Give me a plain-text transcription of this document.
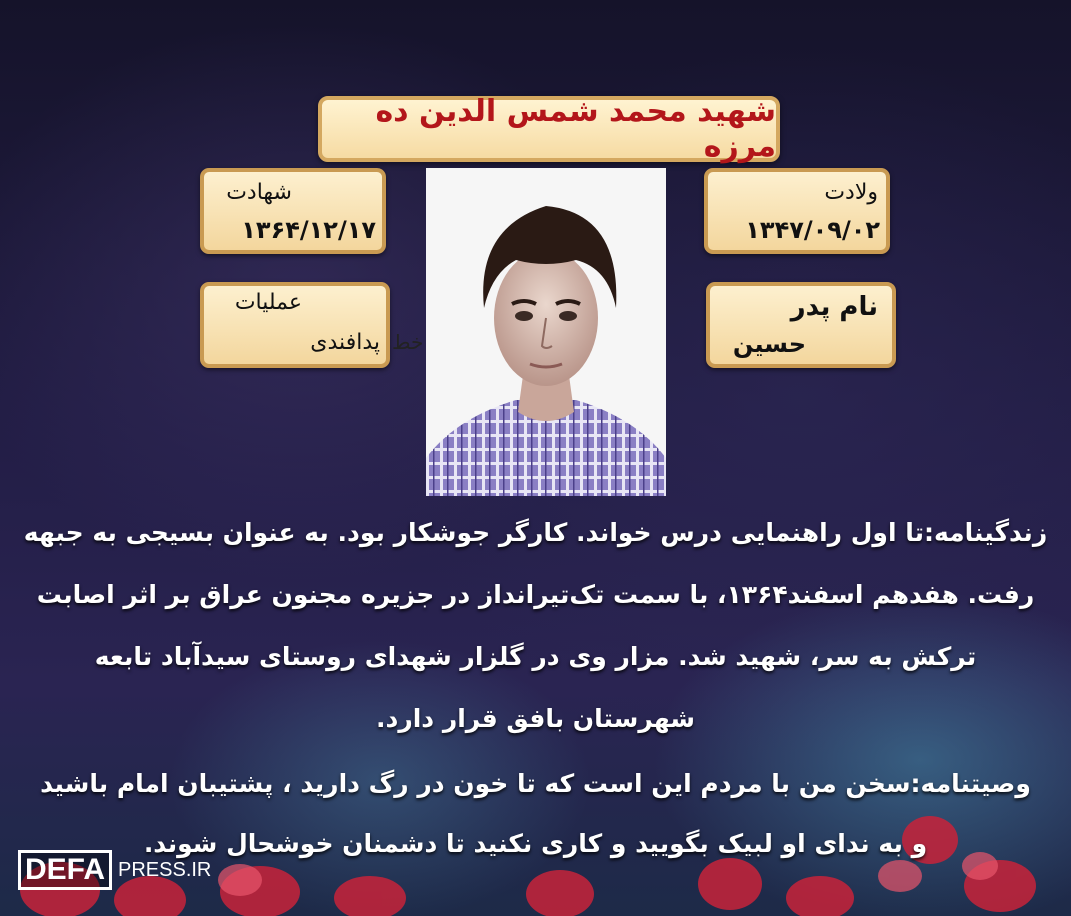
شهید محمد شمس الدین ده مرزه
ولادت
۱۳۴۷/۰۹/۰۲
شهادت
۱۳۶۴/۱۲/۱۷
نام پدر
حسین
عملیات
پدافندی خط

زندگینامه:تا اول راهنمایی درس خواند. کارگر جوشکار بود. به عنوان بسیجی به جبهه

رفت. هفدهم اسفند۱۳۶۴، با سمت تک‌تیرانداز در جزیره مجنون عراق بر اثر اصابت

ترکش به سر، شهید شد. مزار وی در گلزار شهدای روستای سیدآباد تابعه

شهرستان بافق قرار دارد.

وصیتنامه:سخن من با مردم این است که تا خون در رگ دارید ، پشتیبان امام باشید

و به ندای او لبیک بگویید و کاری نکنید تا دشمنان خوشحال شوند.

DEFA PRESS.IR
